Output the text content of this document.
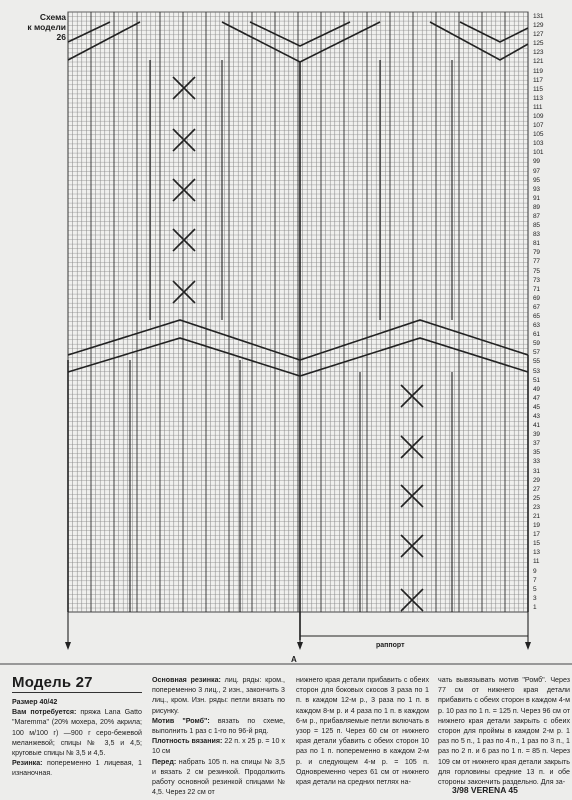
Схема
к модели 26
131
129
127
125
123
121
119
117
115
113
111
109
107
105
103
101
99
97
95
93
91
89
87
85
83
81
79
77
75
73
71
69
67
65
63
61
59
57
55
53
51
49
47
45
43
41
39
37
35
33
31
29
27
25
23
21
19
17
15
13
11
9
7
5
3
1
раппорт
А
Модель 27

Размер 40/42

Вам потребуется: пряжа Lana Gatto "Maremma" (20% мохера, 20% акрила; 100 м/100 г) —900 г серо-бежевой меланжевой; спицы № 3,5 и 4,5; круговые спицы № 3,5 и 4,5.

Резинка: попеременно 1 лицевая, 1 изнаночная.

Основная резинка: лиц. ряды: кром., попеременно 3 лиц., 2 изн., закончить 3 лиц., кром. Изн. ряды: петли вязать по рисунку.

Мотив "Ромб": вязать по схеме, выполнить 1 раз с 1-го по 96-й ряд.

Плотность вязания: 22 п. х 25 р. = 10 х 10 см

Перед: набрать 105 п. на спицы № 3,5 и вязать 2 см резинкой. Продолжить работу основной резинкой спицами № 4,5. Через 22 см от

нижнего края детали прибавить с обеих сторон для боковых скосов 3 раза по 1 п. в каждом 12-м р., 3 раза по 1 п. в каждом 8-м р. и 4 раза по 1 п. в каждом 6-м р., прибавляемые петли включать в узор = 125 п. Через 60 см от нижнего края детали убавить с обеих сторон 10 раз по 1 п. попеременно в каждом 2-м р. и следующем 4-м р. = 105 п. Одновременно через 61 см от нижнего края детали на средних петлях на-
чать вывязывать мотив "Ромб". Через 77 см от нижнего края детали прибавить с обеих сторон в каждом 4-м р. 10 раз по 1 п. = 125 п. Через 96 см от нижнего края детали закрыть с обеих сторон для проймы в каждом 2-м р. 1 раз по 5 п., 1 раз по 4 п., 1 раз по 3 п., 1 раз по 2 п. и 6 раз по 1 п. = 85 п. Через 109 см от нижнего края детали закрыть для горловины средние 13 п. и обе стороны закончить раздельно. Для за-
3/98 VERENA 45
